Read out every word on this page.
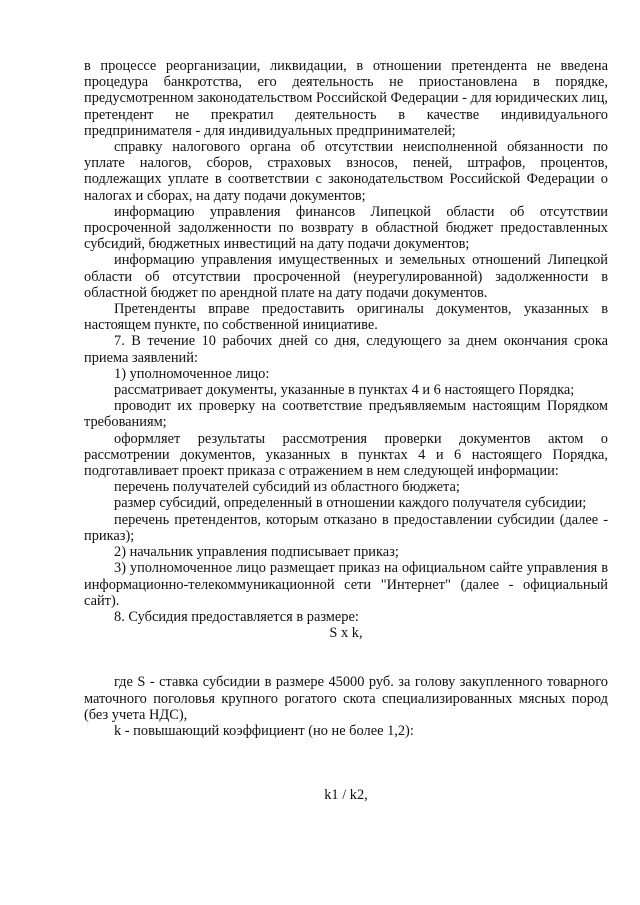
в процессе реорганизации, ликвидации, в отношении претендента не введена процедура банкротства, его деятельность не приостановлена в порядке, предусмотренном законодательством Российской Федерации - для юридических лиц, претендент не прекратил деятельность в качестве индивидуального предпринимателя - для индивидуальных предпринимателей;

справку налогового органа об отсутствии неисполненной обязанности по уплате налогов, сборов, страховых взносов, пеней, штрафов, процентов, подлежащих уплате в соответствии с законодательством Российской Федерации о налогах и сборах, на дату подачи документов;

информацию управления финансов Липецкой области об отсутствии просроченной задолженности по возврату в областной бюджет предоставленных субсидий, бюджетных инвестиций на дату подачи документов;

информацию управления имущественных и земельных отношений Липецкой области об отсутствии просроченной (неурегулированной) задолженности в областной бюджет по арендной плате на дату подачи документов.

Претенденты вправе предоставить оригиналы документов, указанных в настоящем пункте, по собственной инициативе.

7. В течение 10 рабочих дней со дня, следующего за днем окончания срока приема заявлений:

1) уполномоченное лицо:

рассматривает документы, указанные в пунктах 4 и 6 настоящего Порядка;

проводит их проверку на соответствие предъявляемым настоящим Порядком требованиям;

оформляет результаты рассмотрения проверки документов актом о рассмотрении документов, указанных в пунктах 4 и 6 настоящего Порядка, подготавливает проект приказа с отражением в нем следующей информации:

перечень получателей субсидий из областного бюджета;

размер субсидий, определенный в отношении каждого получателя субсидии;

перечень претендентов, которым отказано в предоставлении субсидии (далее - приказ);

2) начальник управления подписывает приказ;

3) уполномоченное лицо размещает приказ на официальном сайте управления в информационно-телекоммуникационной сети "Интернет" (далее - официальный сайт).

8. Субсидия предоставляется в размере:

S x k,

где S - ставка субсидии в размере 45000 руб. за голову закупленного товарного маточного поголовья крупного рогатого скота специализированных мясных пород (без учета НДС),

k - повышающий коэффициент (но не более 1,2):

k1 / k2,
